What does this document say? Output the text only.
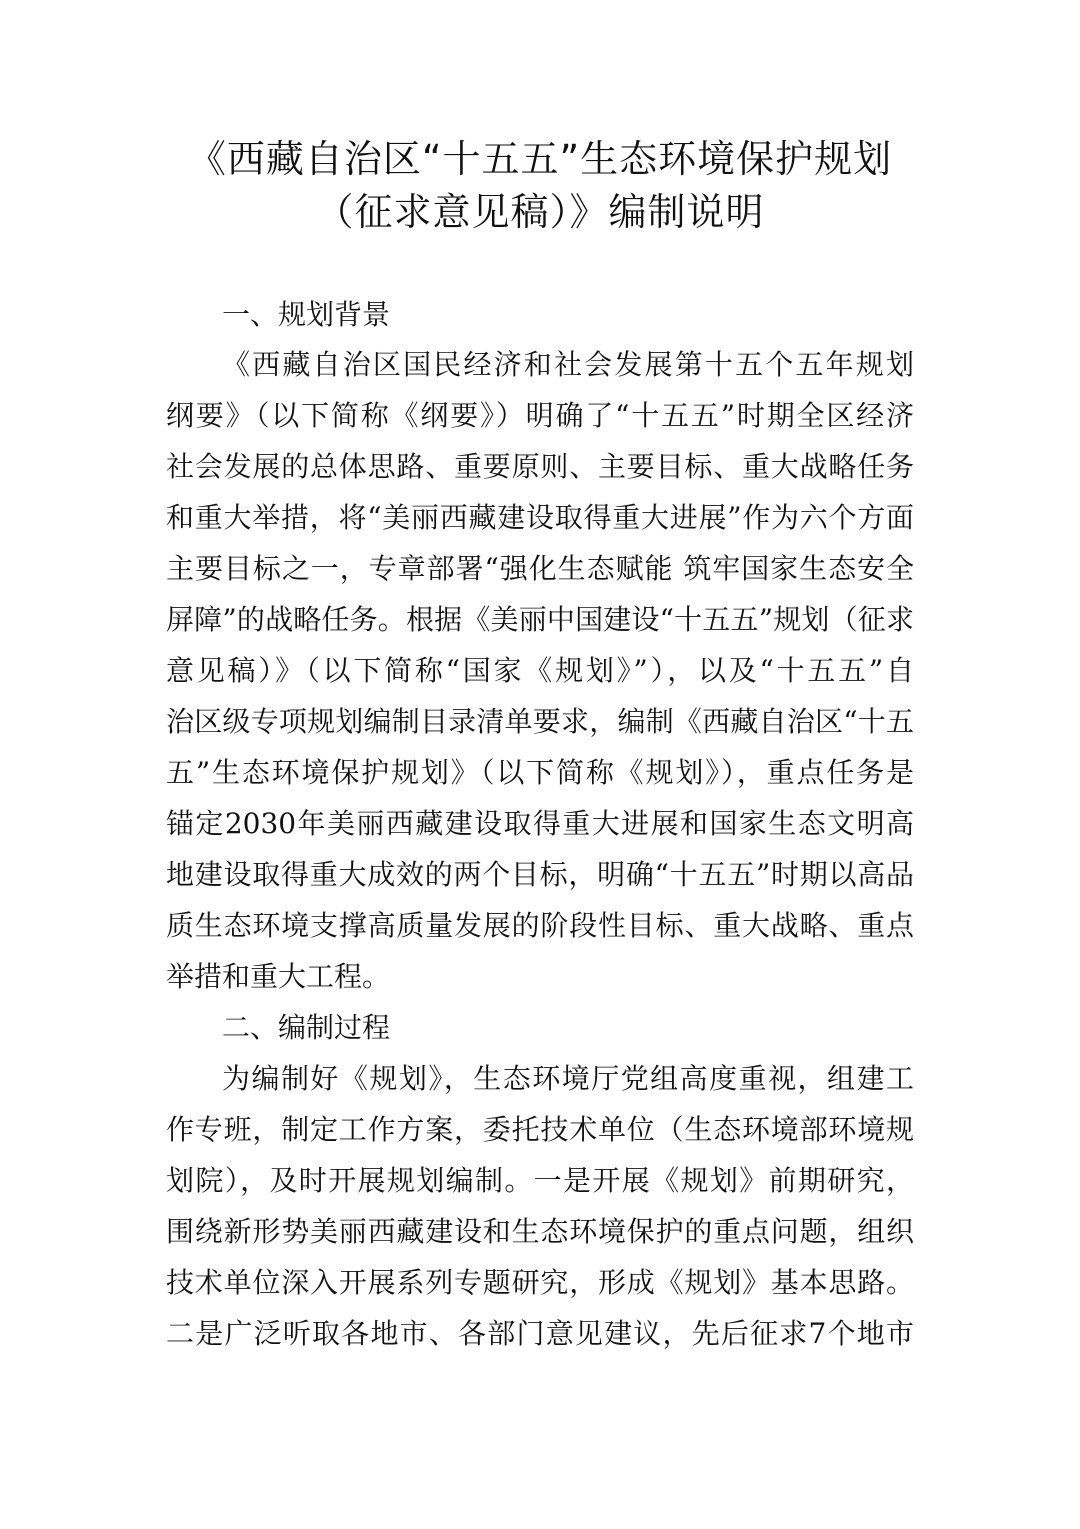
《西藏自治区“十五五”生态环境保护规划
（征求意见稿）》编制说明
一、规划背景
《西藏自治区国民经济和社会发展第十五个五年规划
纲要》（以下简称《纲要》）明确了“十五五”时期全区经济
社会发展的总体思路、重要原则、主要目标、重大战略任务
和重大举措，将“美丽西藏建设取得重大进展”作为六个方面
主要目标之一，专章部署“强化生态赋能 筑牢国家生态安全
屏障”的战略任务。根据《美丽中国建设“十五五”规划（征求
意见稿）》（以下简称“国家《规划》”），以及“十五五”自
治区级专项规划编制目录清单要求，编制《西藏自治区“十五
五”生态环境保护规划》（以下简称《规划》），重点任务是
锚定2030年美丽西藏建设取得重大进展和国家生态文明高
地建设取得重大成效的两个目标，明确“十五五”时期以高品
质生态环境支撑高质量发展的阶段性目标、重大战略、重点
举措和重大工程。
二、编制过程
为编制好《规划》，生态环境厅党组高度重视，组建工
作专班，制定工作方案，委托技术单位（生态环境部环境规
划院），及时开展规划编制。一是开展《规划》前期研究，
围绕新形势美丽西藏建设和生态环境保护的重点问题，组织
技术单位深入开展系列专题研究，形成《规划》基本思路。
二是广泛听取各地市、各部门意见建议，先后征求7个地市
